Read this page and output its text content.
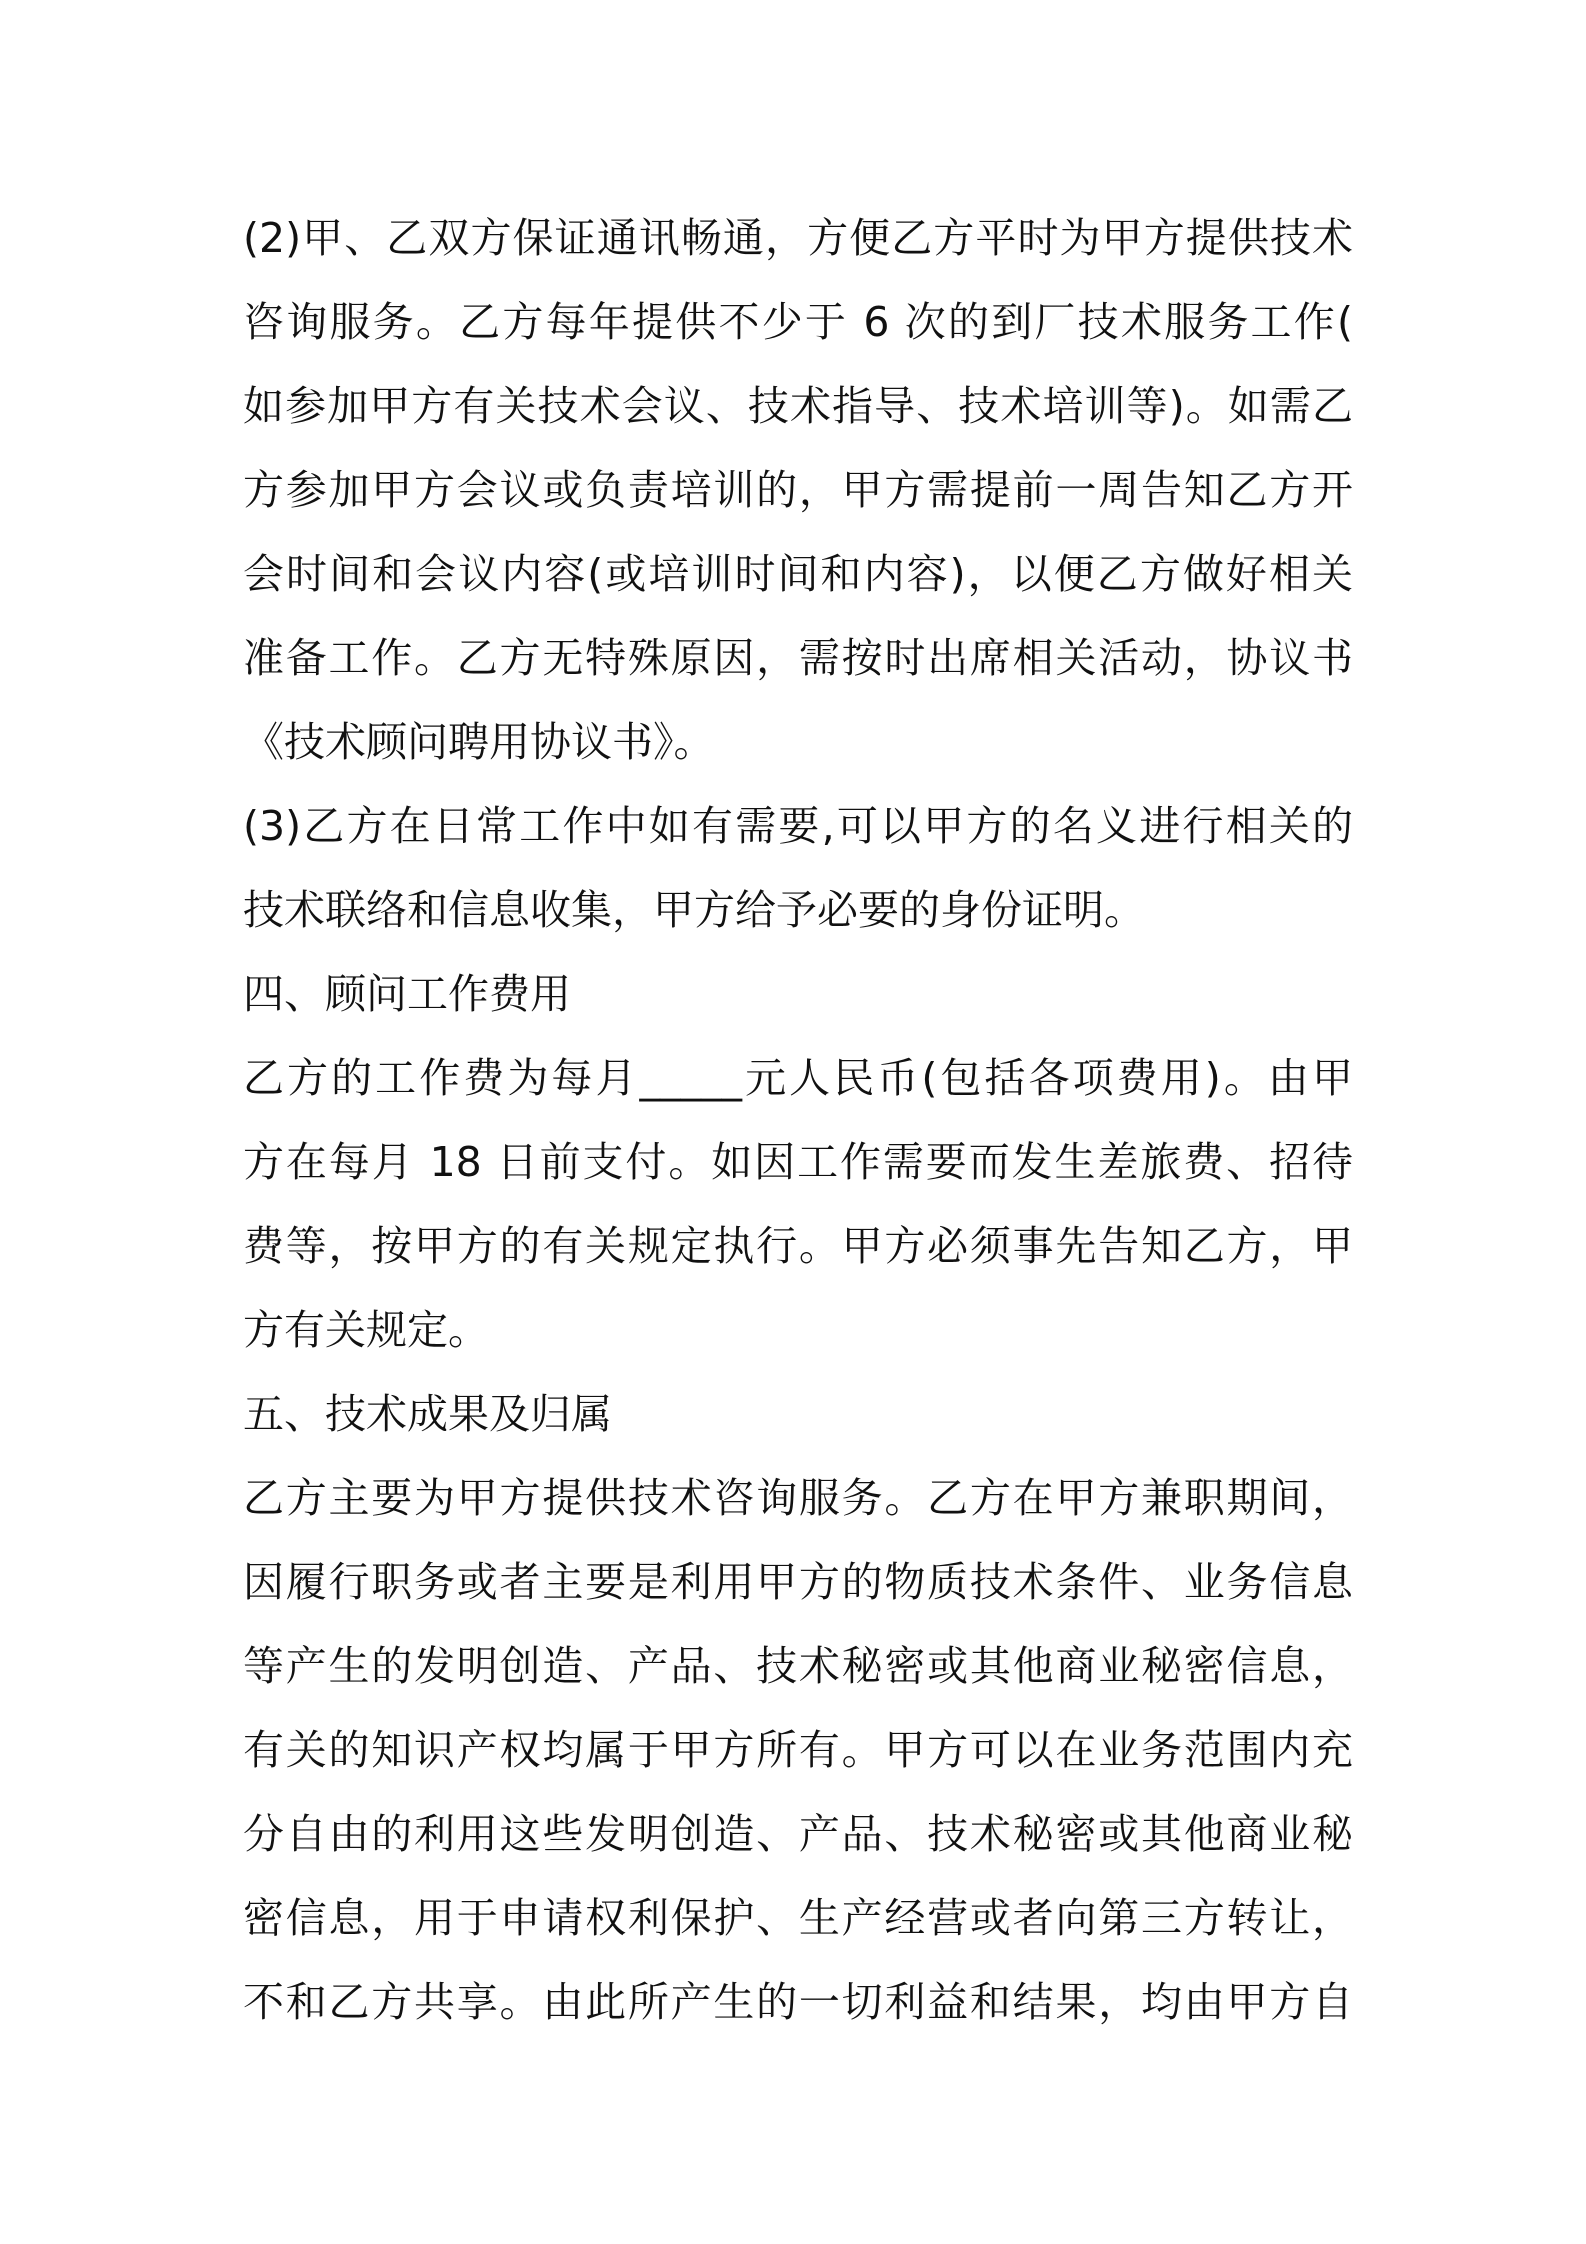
(2)甲、乙双方保证通讯畅通，方便乙方平时为甲方提供技术
咨询服务。乙方每年提供不少于 6 次的到厂技术服务工作(
如参加甲方有关技术会议、技术指导、技术培训等)。如需乙
方参加甲方会议或负责培训的，甲方需提前一周告知乙方开
会时间和会议内容(或培训时间和内容)，以便乙方做好相关
准备工作。乙方无特殊原因，需按时出席相关活动，协议书
《技术顾问聘用协议书》。
(3)乙方在日常工作中如有需要,可以甲方的名义进行相关的
技术联络和信息收集，甲方给予必要的身份证明。
四、顾问工作费用
乙方的工作费为每月_____元人民币(包括各项费用)。由甲
方在每月 18 日前支付。如因工作需要而发生差旅费、招待
费等，按甲方的有关规定执行。甲方必须事先告知乙方，甲
方有关规定。
五、技术成果及归属
乙方主要为甲方提供技术咨询服务。乙方在甲方兼职期间，
因履行职务或者主要是利用甲方的物质技术条件、业务信息
等产生的发明创造、产品、技术秘密或其他商业秘密信息，
有关的知识产权均属于甲方所有。甲方可以在业务范围内充
分自由的利用这些发明创造、产品、技术秘密或其他商业秘
密信息，用于申请权利保护、生产经营或者向第三方转让，
不和乙方共享。由此所产生的一切利益和结果，均由甲方自
